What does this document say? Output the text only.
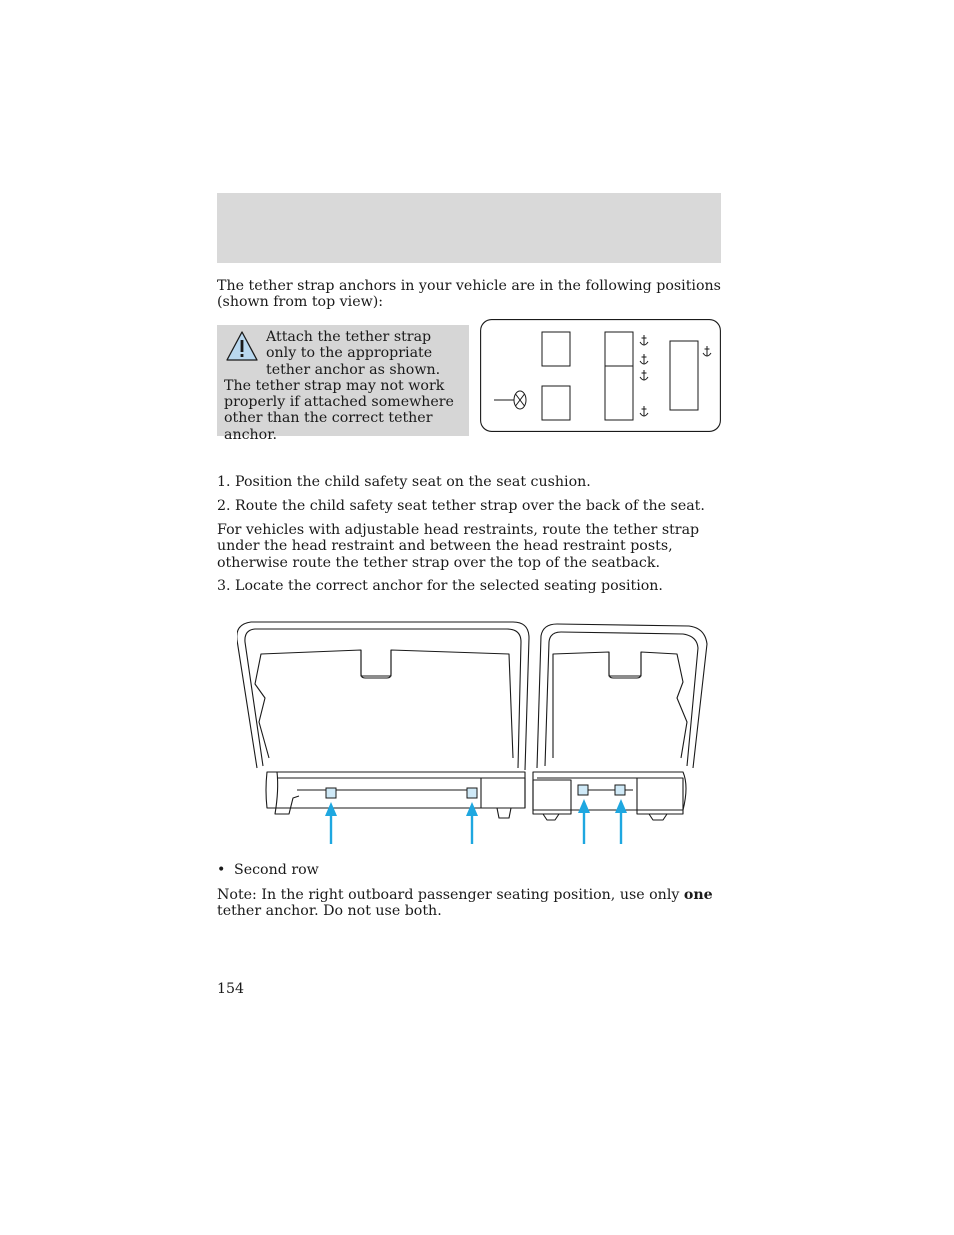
The tether strap anchors in your vehicle are in the following positions (shown from top view):

Attach the tether strap only to the appropriate tether anchor as shown. The tether strap may not work properly if attached somewhere other than the correct tether anchor.

1. Position the child safety seat on the seat cushion.

2. Route the child safety seat tether strap over the back of the seat.

For vehicles with adjustable head restraints, route the tether strap under the head restraint and between the head restraint posts, otherwise route the tether strap over the top of the seatback.

3. Locate the correct anchor for the selected seating position.

• Second row

Note: In the right outboard passenger seating position, use only one tether anchor. Do not use both.

154
